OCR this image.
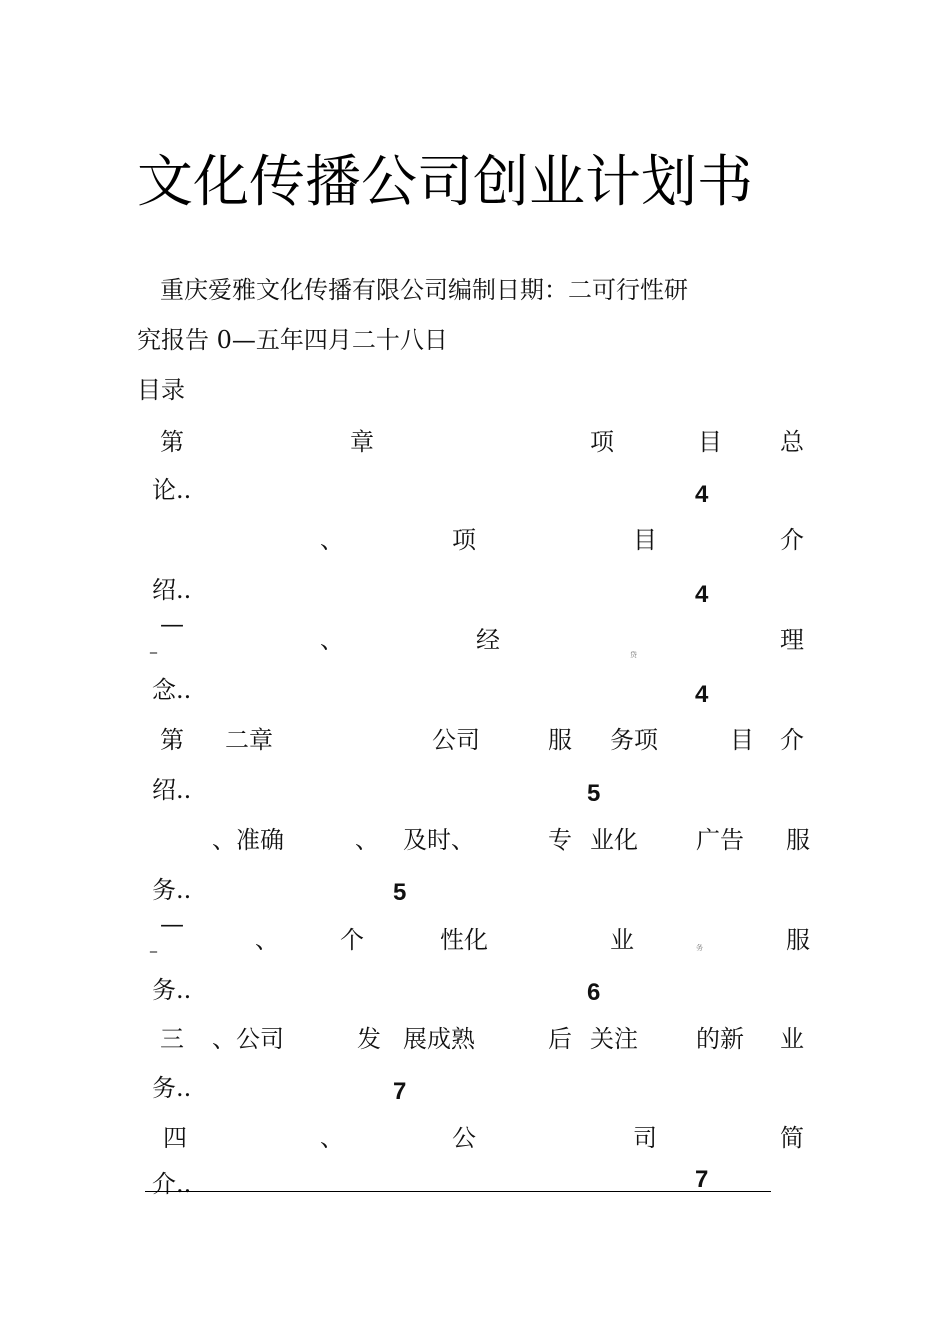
文化传播公司创业计划书
重庆爱雅文化传播有限公司编制日期：二可行性研
究报告 0—五年四月二十八日
目录
第	章	项	目 总
论..	4
、	项	目	介
绍..	4
—
_	、	经
贷
理
念..	4
第 二章	公司	服 务项	目 介
绍..	5
、准确	、 及时、	专 业化 广告 服
务..	5
—
_	、	个	性化	业	务	服
务..	6
三 、公司	发 展成熟	后 关注 的新 业
务..	7
四	、	公	司	简
介..	7
